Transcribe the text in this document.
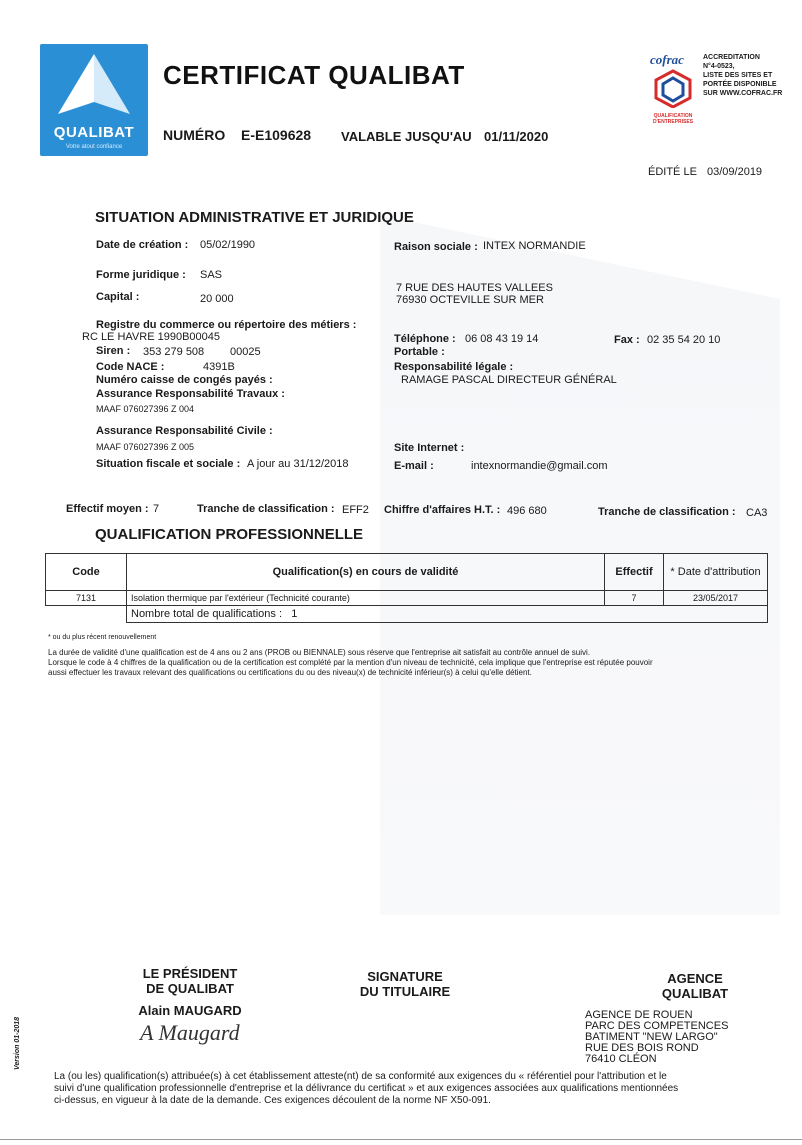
QUALIBAT
Votre atout confiance
CERTIFICAT QUALIBAT
NUMÉRO E-E109628 VALABLE JUSQU'AU 01/11/2020
cofrac
QUALIFICATION D'ENTREPRISES
ACCREDITATION
N°4-0523,
LISTE DES SITES ET
PORTÉE DISPONIBLE
SUR WWW.COFRAC.FR
ÉDITÉ LE 03/09/2019
SITUATION ADMINISTRATIVE ET JURIDIQUE
Date de création : 05/02/1990
Forme juridique : SAS
Capital :	20 000
Registre du commerce ou répertoire des métiers :
RC LE HAVRE 1990B00045
Siren : 353 279 508 00025
Code NACE :	4391B
Numéro caisse de congés payés :
Assurance Responsabilité Travaux :
MAAF 076027396 Z 004
Assurance Responsabilité Civile :
MAAF 076027396 Z 005
Situation fiscale et sociale : A jour au 31/12/2018
Raison sociale : INTEX NORMANDIE
7 RUE DES HAUTES VALLEES
76930 OCTEVILLE SUR MER
Téléphone : 06 08 43 19 14	Fax : 02 35 54 20 10
Portable :
Responsabilité légale :
RAMAGE PASCAL DIRECTEUR GÉNÉRAL
Site Internet :
E-mail :	intexnormandie@gmail.com
Effectif moyen : 7	Tranche de classification : EFF2 Chiffre d'affaires H.T. : 496 680	Tranche de classification : CA3
QUALIFICATION PROFESSIONNELLE
Code	Qualification(s) en cours de validité	Effectif	* Date d'attribution
7131	Isolation thermique par l'extérieur (Technicité courante)	7	23/05/2017
	Nombre total de qualifications : 1		
* ou du plus récent renouvellement
La durée de validité d'une qualification est de 4 ans ou 2 ans (PROB ou BIENNALE) sous réserve que l'entreprise ait satisfait au contrôle annuel de suivi.
Lorsque le code à 4 chiffres de la qualification ou de la certification est complété par la mention d'un niveau de technicité, cela implique que l'entreprise est réputée pouvoir
aussi effectuer les travaux relevant des qualifications ou certifications du ou des niveau(x) de technicité inférieur(s) à celui qu'elle détient.
LE PRÉSIDENT
DE QUALIBAT
Alain MAUGARD
A Maugard
SIGNATURE
DU TITULAIRE
AGENCE
QUALIBAT
AGENCE DE ROUEN
PARC DES COMPETENCES
BATIMENT "NEW LARGO"
RUE DES BOIS ROND
76410 CLÉON
Version 01-2018
La (ou les) qualification(s) attribuée(s) à cet établissement atteste(nt) de sa conformité aux exigences du « référentiel pour l'attribution et le
suivi d'une qualification professionnelle d'entreprise et la délivrance du certificat » et aux exigences associées aux qualifications mentionnées
ci-dessus, en vigueur à la date de la demande. Ces exigences découlent de la norme NF X50-091.
